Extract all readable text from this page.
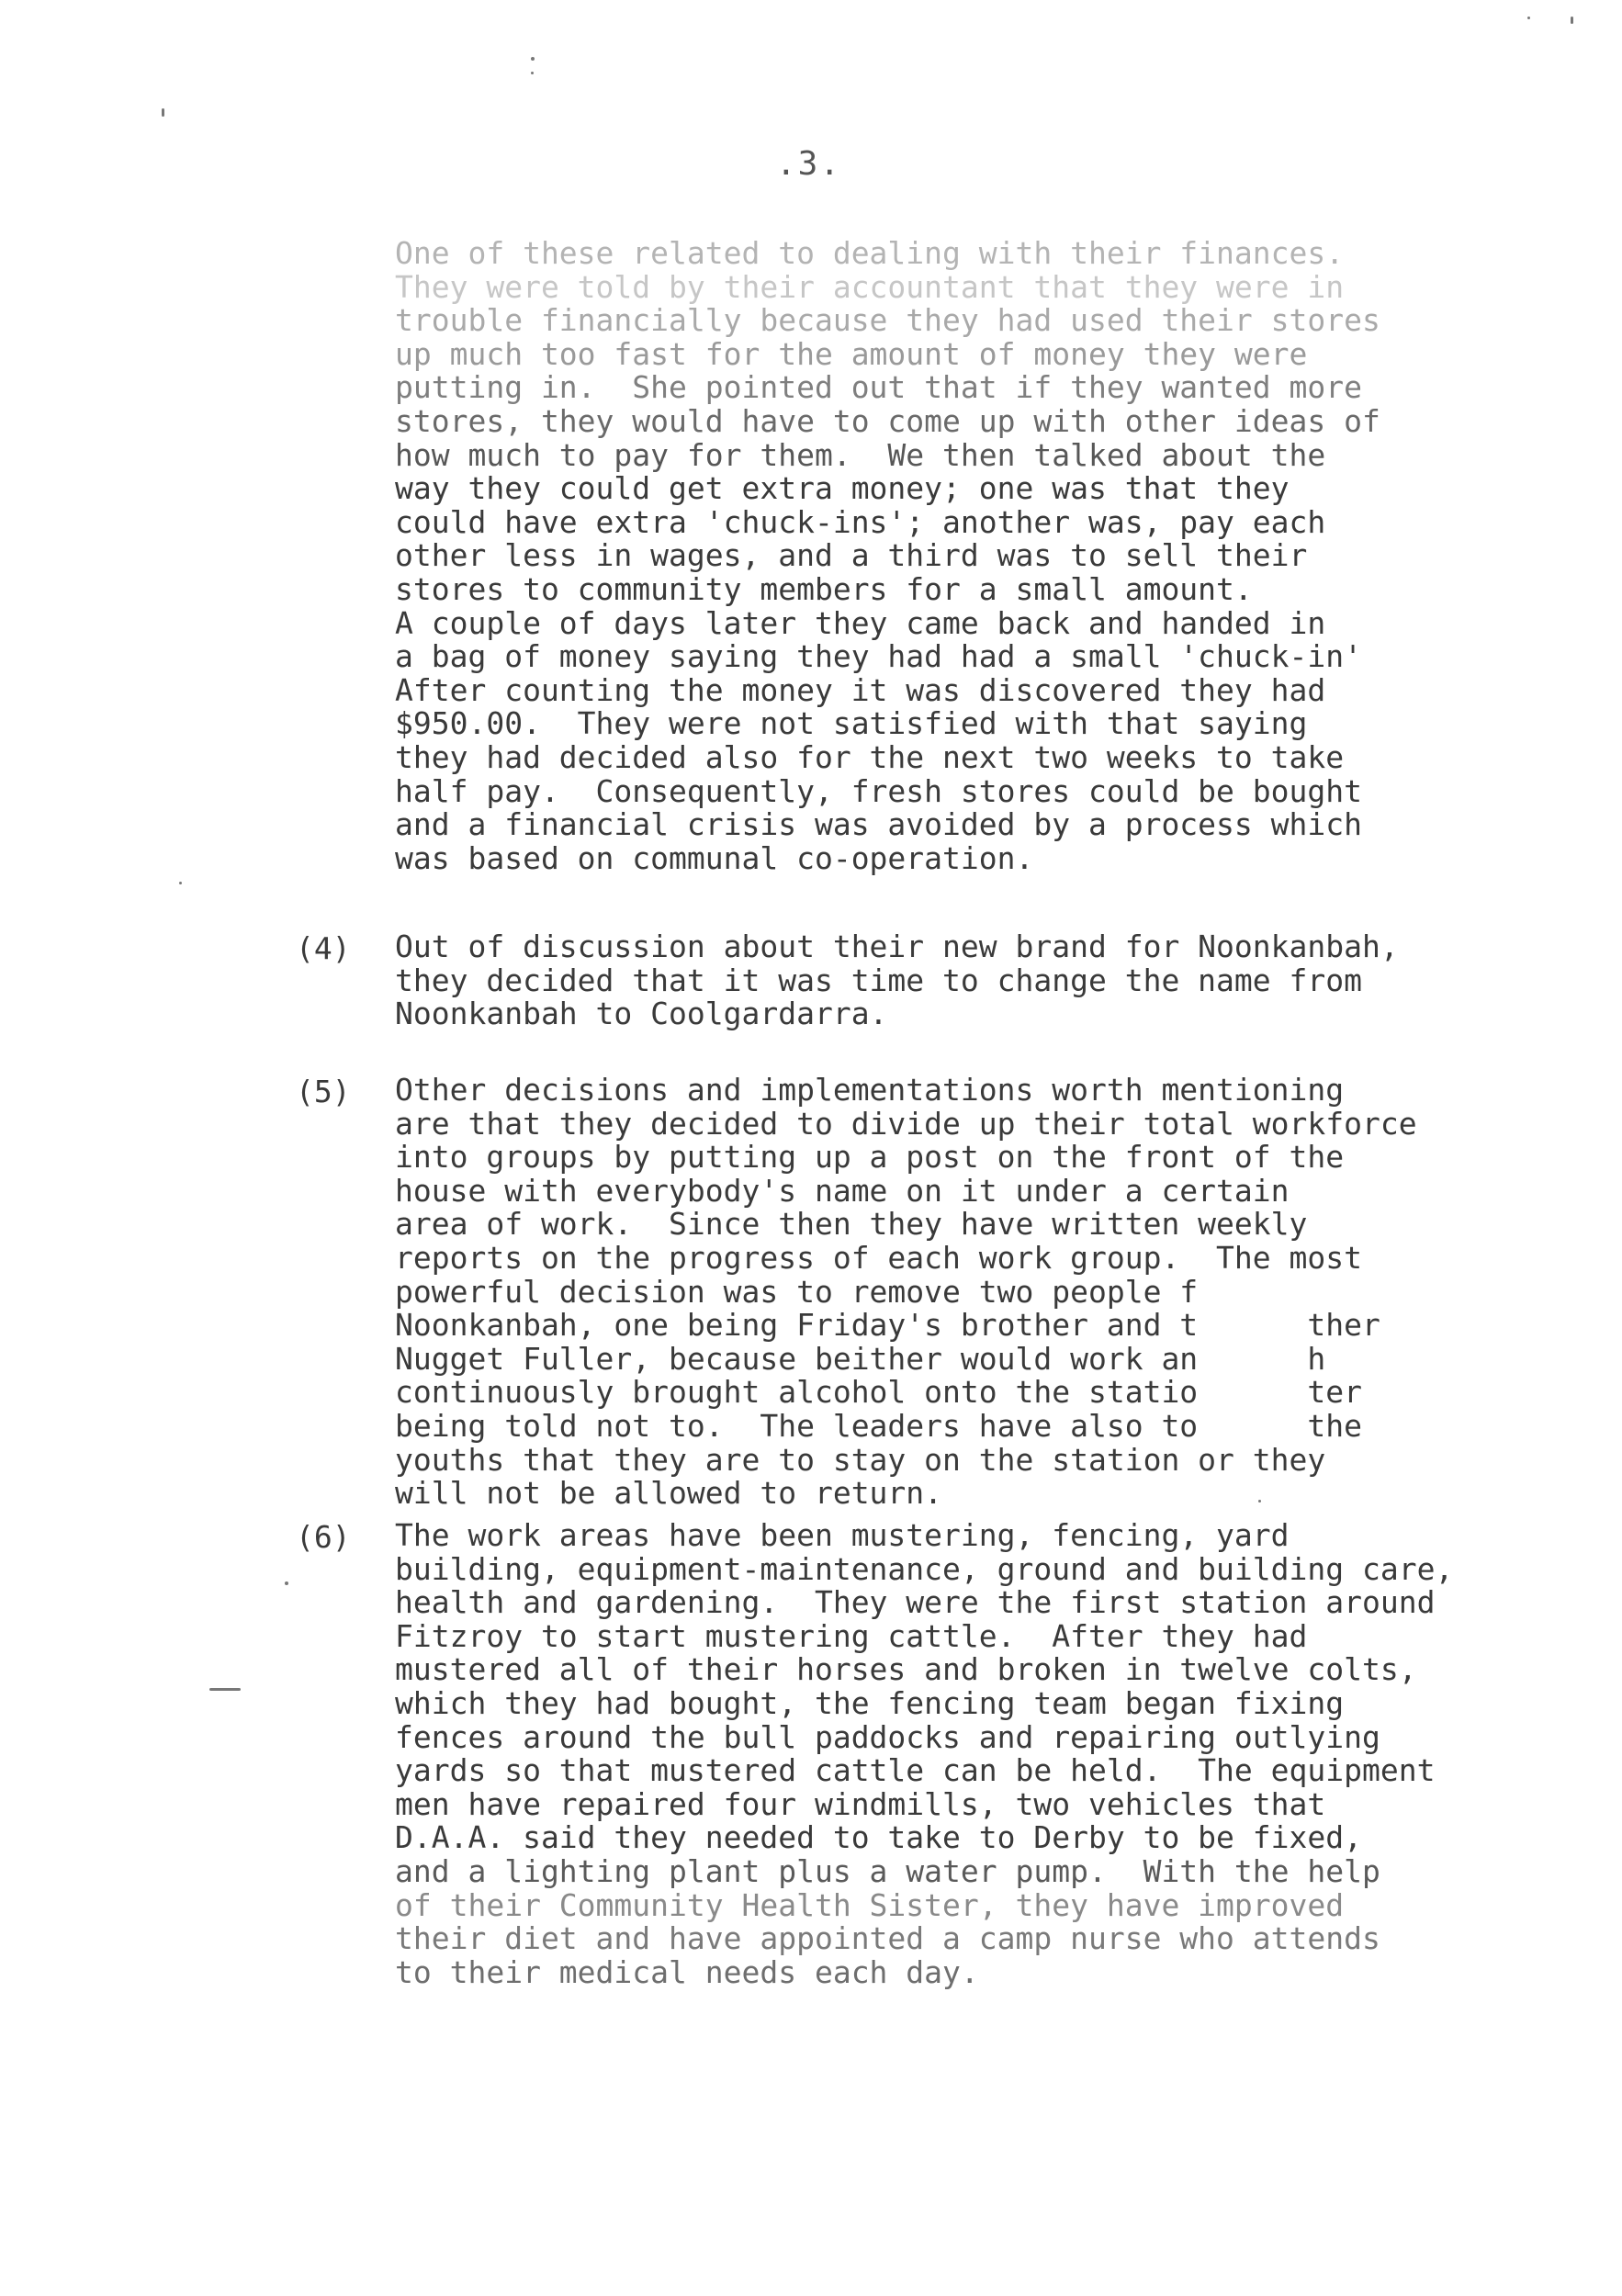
.3.
One of these related to dealing with their finances.
They were told by their accountant that they were in
trouble financially because they had used their stores
up much too fast for the amount of money they were
putting in.  She pointed out that if they wanted more
stores, they would have to come up with other ideas of
how much to pay for them.  We then talked about the
way they could get extra money; one was that they
could have extra 'chuck-ins'; another was, pay each
other less in wages, and a third was to sell their
stores to community members for a small amount.
A couple of days later they came back and handed in
a bag of money saying they had had a small 'chuck-in'
After counting the money it was discovered they had
$950.00.  They were not satisfied with that saying
they had decided also for the next two weeks to take
half pay.  Consequently, fresh stores could be bought
and a financial crisis was avoided by a process which
was based on communal co-operation.
(4) Out of discussion about their new brand for Noonkanbah,
they decided that it was time to change the name from
Noonkanbah to Coolgardarra.
(5) Other decisions and implementations worth mentioning
are that they decided to divide up their total workforce
into groups by putting up a post on the front of the
house with everybody's name on it under a certain
area of work.  Since then they have written weekly
reports on the progress of each work group.  The most
powerful decision was to remove two people f
Noonkanbah, one being Friday's brother and t      ther
Nugget Fuller, because beither would work an      h
continuously brought alcohol onto the statio      ter
being told not to.  The leaders have also to      the
youths that they are to stay on the station or they
will not be allowed to return.
(6) The work areas have been mustering, fencing, yard
building, equipment-maintenance, ground and building care,
health and gardening.  They were the first station around
Fitzroy to start mustering cattle.  After they had
mustered all of their horses and broken in twelve colts,
which they had bought, the fencing team began fixing
fences around the bull paddocks and repairing outlying
yards so that mustered cattle can be held.  The equipment
men have repaired four windmills, two vehicles that
D.A.A. said they needed to take to Derby to be fixed,
and a lighting plant plus a water pump.  With the help
of their Community Health Sister, they have improved
their diet and have appointed a camp nurse who attends
to their medical needs each day.
